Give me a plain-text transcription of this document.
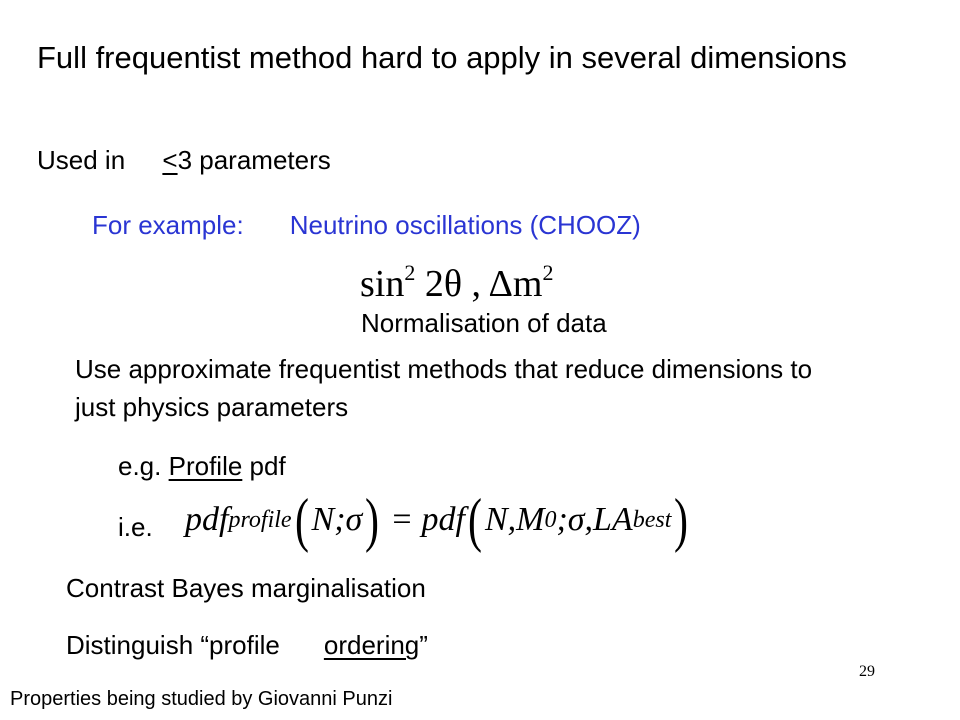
Full frequentist method hard to apply in several dimensions
Used in ≤3 parameters
For example: Neutrino oscillations (CHOOZ)
$\sin^2 2\theta$ , $\Delta m^2$
Normalisation of data
Use approximate frequentist methods that reduce dimensions to just physics parameters
e.g. Profile pdf
i.e. pdf profile ( N;σ ) = pdf ( N,M 0 ;σ,LA best )
Contrast Bayes marginalisation
Distinguish “profile ordering”
29
Properties being studied by Giovanni Punzi
